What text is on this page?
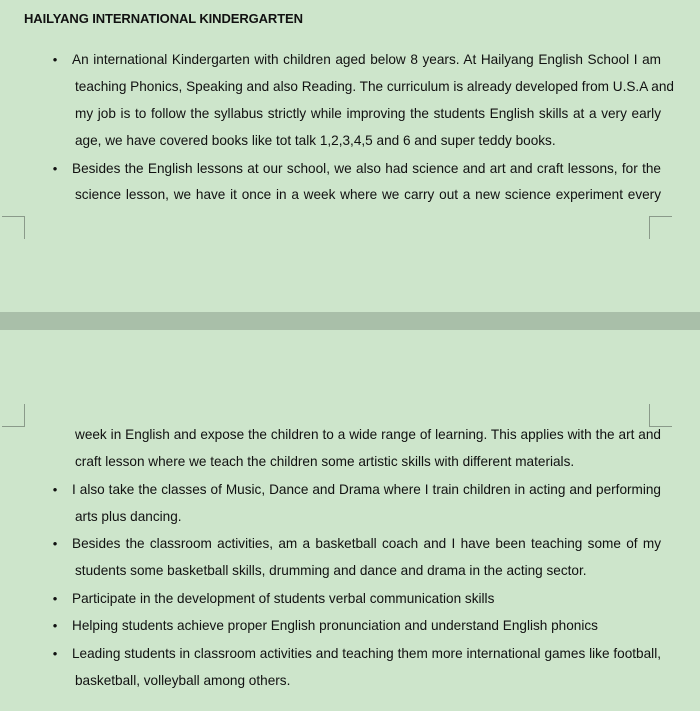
HAILYANG INTERNATIONAL KINDERGARTEN
• An international Kindergarten with children aged below 8 years. At Hailyang English School I am
teaching Phonics, Speaking and also Reading. The curriculum is already developed from U.S.A and
my job is to follow the syllabus strictly while improving the students English skills at a very early
age, we have covered books like tot talk 1,2,3,4,5 and 6 and super teddy books.
• Besides the English lessons at our school, we also had science and art and craft lessons, for the
science lesson, we have it once in a week where we carry out a new science experiment every
week in English and expose the children to a wide range of learning. This applies with the art and
craft lesson where we teach the children some artistic skills with different materials.
• I also take the classes of Music, Dance and Drama where I train children in acting and performing
arts plus dancing.
• Besides the classroom activities, am a basketball coach and I have been teaching some of my
students some basketball skills, drumming and dance and drama in the acting sector.
• Participate in the development of students verbal communication skills
• Helping students achieve proper English pronunciation and understand English phonics
• Leading students in classroom activities and teaching them more international games like football,
basketball, volleyball among others.
